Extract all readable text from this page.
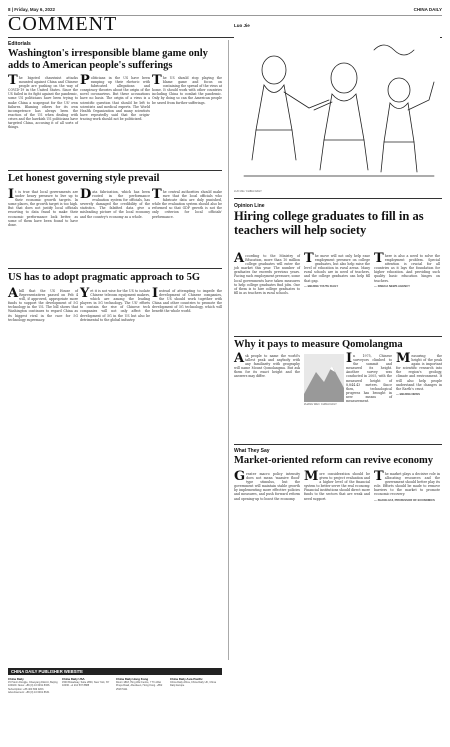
8 | Friday, May 6, 2022	CHINA DAILY
COMMENT
Editorials
Washington's irresponsible blame game only adds to American people's sufferings

The bigoted chauvinist attacks mounted against China and Chinese people are pushing on the way of COVID-19 in the United States. Since the US failed in its fight against the pandemic, some US politicians have been trying to make China a scapegoat for the US' own failures. Blaming others for its own incompetence has always been the reaction of the US when dealing with crises and the hawkish US politicians have targeted China, accusing it of all sorts of things.

Politicians in the US have been ramping up their rhetoric with fabricated allegations and conspiracy theories about the origin of the novel coronavirus. But these accusations have no basis. The origin of a virus is a scientific question that should be left to scientists and medical experts. The World Health Organization and many scientists have repeatedly said that the origin-tracing work should not be politicized.

The US should stop playing the blame game and focus on containing the spread of the virus at home. It should work with other countries including China to combat the pandemic. Only by doing so can the American people be saved from further sufferings.

Let honest governing style prevail

It is true that local governments are under heavy pressure to live up to their economic growth targets. In some places, the growth target is too high. But that does not justify local officials resorting to data fraud to make their economic performance look better, as some of them have been found to have done.

Data fabrication, which has been rooted in the performance evaluation system for officials, has severely damaged the credibility of the statistics. The falsified data give a misleading picture of the local economy and the country's economy as a whole.

The central authorities should make sure that the local officials who fabricate data are duly punished, while the evaluation system should also be reformed so that GDP growth is not the only criterion for local officials' performance.

US has to adopt pragmatic approach to 5G

Abill that the US House of Representatives passed on Feb 4 will, if approved, appropriate more funds to support the development of 5G technology in the US. The bill shows that Washington continues to regard China as its biggest rival in the race for 5G technology supremacy.

Yet it is not wise for the US to isolate Chinese telecom equipment makers, which are among the leading players in 5G technology. The US' efforts to contain the rise of Chinese tech companies will not only affect the development of 5G in the US but also be detrimental to the global industry.

Instead of attempting to impede the development of Chinese companies, the US should work together with China and other countries to promote the development of 5G technology, which will benefit the whole world.

Luo Jie
LUO JIE / CHINA DAILY
Opinion Line
Hiring college graduates to fill in as teachers will help society

According to the Ministry of Education, more than 10 million college graduates will enter the job market this year. The number of graduates far exceeds previous years. Facing such employment pressure, some local governments have taken measures to help college graduates find jobs. One of them is to hire college graduates to fill in as teachers in rural schools.

The move will not only help ease employment pressure on college graduates, but also help raise the level of education in rural areas. Many rural schools are in need of teachers, and the college graduates can help fill that gap.

— BEIJING YOUTH DAILY

There is also a need to solve the employment problem. Special attention is crucial for all countries as it lays the foundation for higher education. And providing such quality basic education hinges on teachers.

— XINHUA NEWS AGENCY
Why it pays to measure Qomolangma

Ask people to name the world's tallest peak and anybody with any familiarity with geography will name Mount Qomolangma. But ask them for its exact height and the answers may differ.

ZHANG WEI / CHINA DAILY

In 1975, Chinese surveyors climbed to the summit and measured its height. Another survey was conducted in 2005, with the measured height of 8,844.43 meters. Since then, technological progress has brought in new means of measurement.

Measuring the height of the peak again is important for scientific research into the region's geology, climate and environment. It will also help people understand the changes in the Earth's crust.

— BEIJING NEWS
What They Say
Market-oriented reform can revive economy

Greater macro policy intensity does not mean 'massive flood' type stimulus, but the government will maintain stable growth by implementing more effective policies and measures, and push forward reform and opening-up to boost the economy.

More consideration should be given to project evaluation and a higher level of the financial system to better serve the real economy. Financial institutions should direct more funds to the sectors that are weak and need support.

The market plays a decisive role in allocating resources and the government should better play its role. Efforts should be made to remove barriers to the market to promote economic recovery.

— ZHANG HUI, PROFESSOR OF ECONOMICS
CHINA DAILY PUBLISHER WEBSITE
China Daily
15 Huixin Dongjie, Chaoyang District, Beijing 100029. News: +86 (0) 10 6491 8366. Subscription: +86 400 699 0203. Advertisement: +86 (0) 10 6491 8631
China Daily USA
1500 Broadway, Suite 2800, New York, NY 10036. +1 212 537 8888
China Daily Hong Kong
Room 1818, Hing Wai Centre, 7 Tin Wan Praya Road, Aberdeen, Hong Kong. +852 2518 5111
China Daily Asia Pacific
China Daily Africa, China Daily UK, China Daily Europe
